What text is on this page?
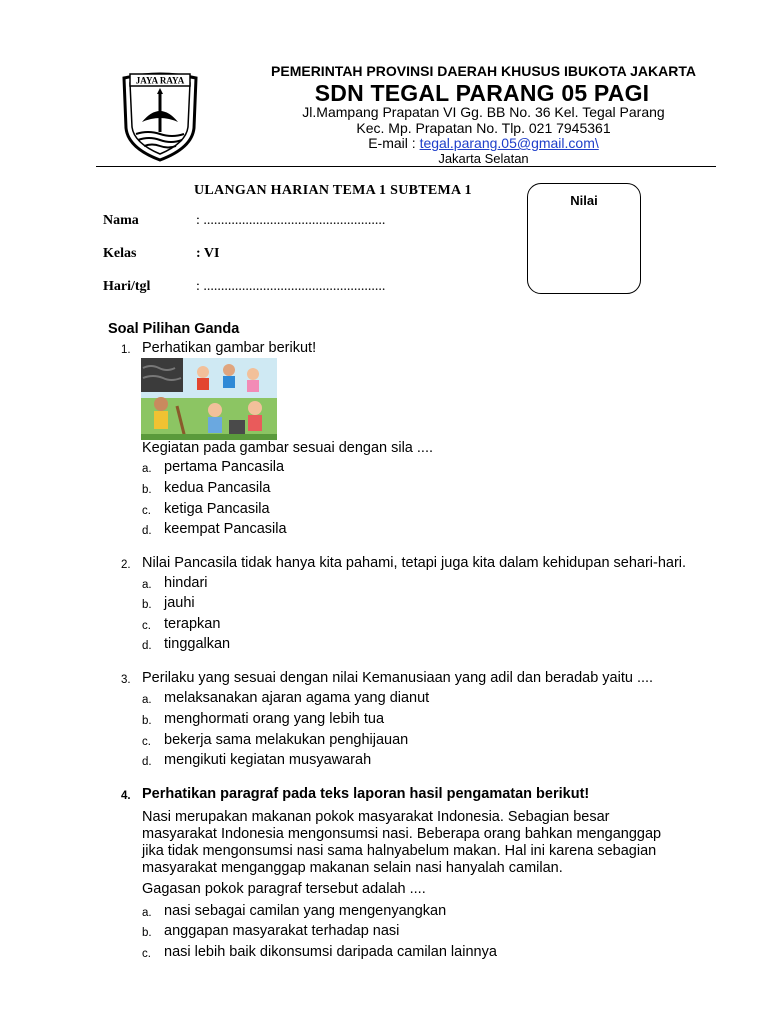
JAYA RAYA
PEMERINTAH PROVINSI DAERAH KHUSUS IBUKOTA JAKARTA
SDN TEGAL PARANG 05 PAGI
Jl.Mampang Prapatan VI Gg. BB No. 36 Kel. Tegal Parang
Kec. Mp. Prapatan No. Tlp. 021 7945361
E-mail : tegal.parang.05@gmail.com\
Jakarta Selatan
ULANGAN HARIAN TEMA 1 SUBTEMA 1
Nama	: ....................................................
Kelas	: VI
Hari/tgl	: ....................................................
Nilai
Soal Pilihan Ganda
1. Perhatikan gambar berikut!
Kegiatan pada gambar sesuai dengan sila ....
a. pertama Pancasila
b. kedua Pancasila
c. ketiga Pancasila
d. keempat Pancasila
2. Nilai Pancasila tidak hanya kita pahami, tetapi juga kita dalam kehidupan sehari-hari.
a. hindari
b. jauhi
c. terapkan
d. tinggalkan
3. Perilaku yang sesuai dengan nilai Kemanusiaan yang adil dan beradab yaitu ....
a. melaksanakan ajaran agama yang dianut
b. menghormati orang yang lebih tua
c. bekerja sama melakukan penghijauan
d. mengikuti kegiatan musyawarah
4. Perhatikan paragraf pada teks laporan hasil pengamatan berikut!
Nasi merupakan makanan pokok masyarakat Indonesia. Sebagian besar
masyarakat Indonesia mengonsumsi nasi. Beberapa orang bahkan menganggap
jika tidak mengonsumsi nasi sama halnyabelum makan. Hal ini karena sebagian
masyarakat menganggap makanan selain nasi hanyalah camilan.
Gagasan pokok paragraf tersebut adalah ....
a. nasi sebagai camilan yang mengenyangkan
b. anggapan masyarakat terhadap nasi
c. nasi lebih baik dikonsumsi daripada camilan lainnya
